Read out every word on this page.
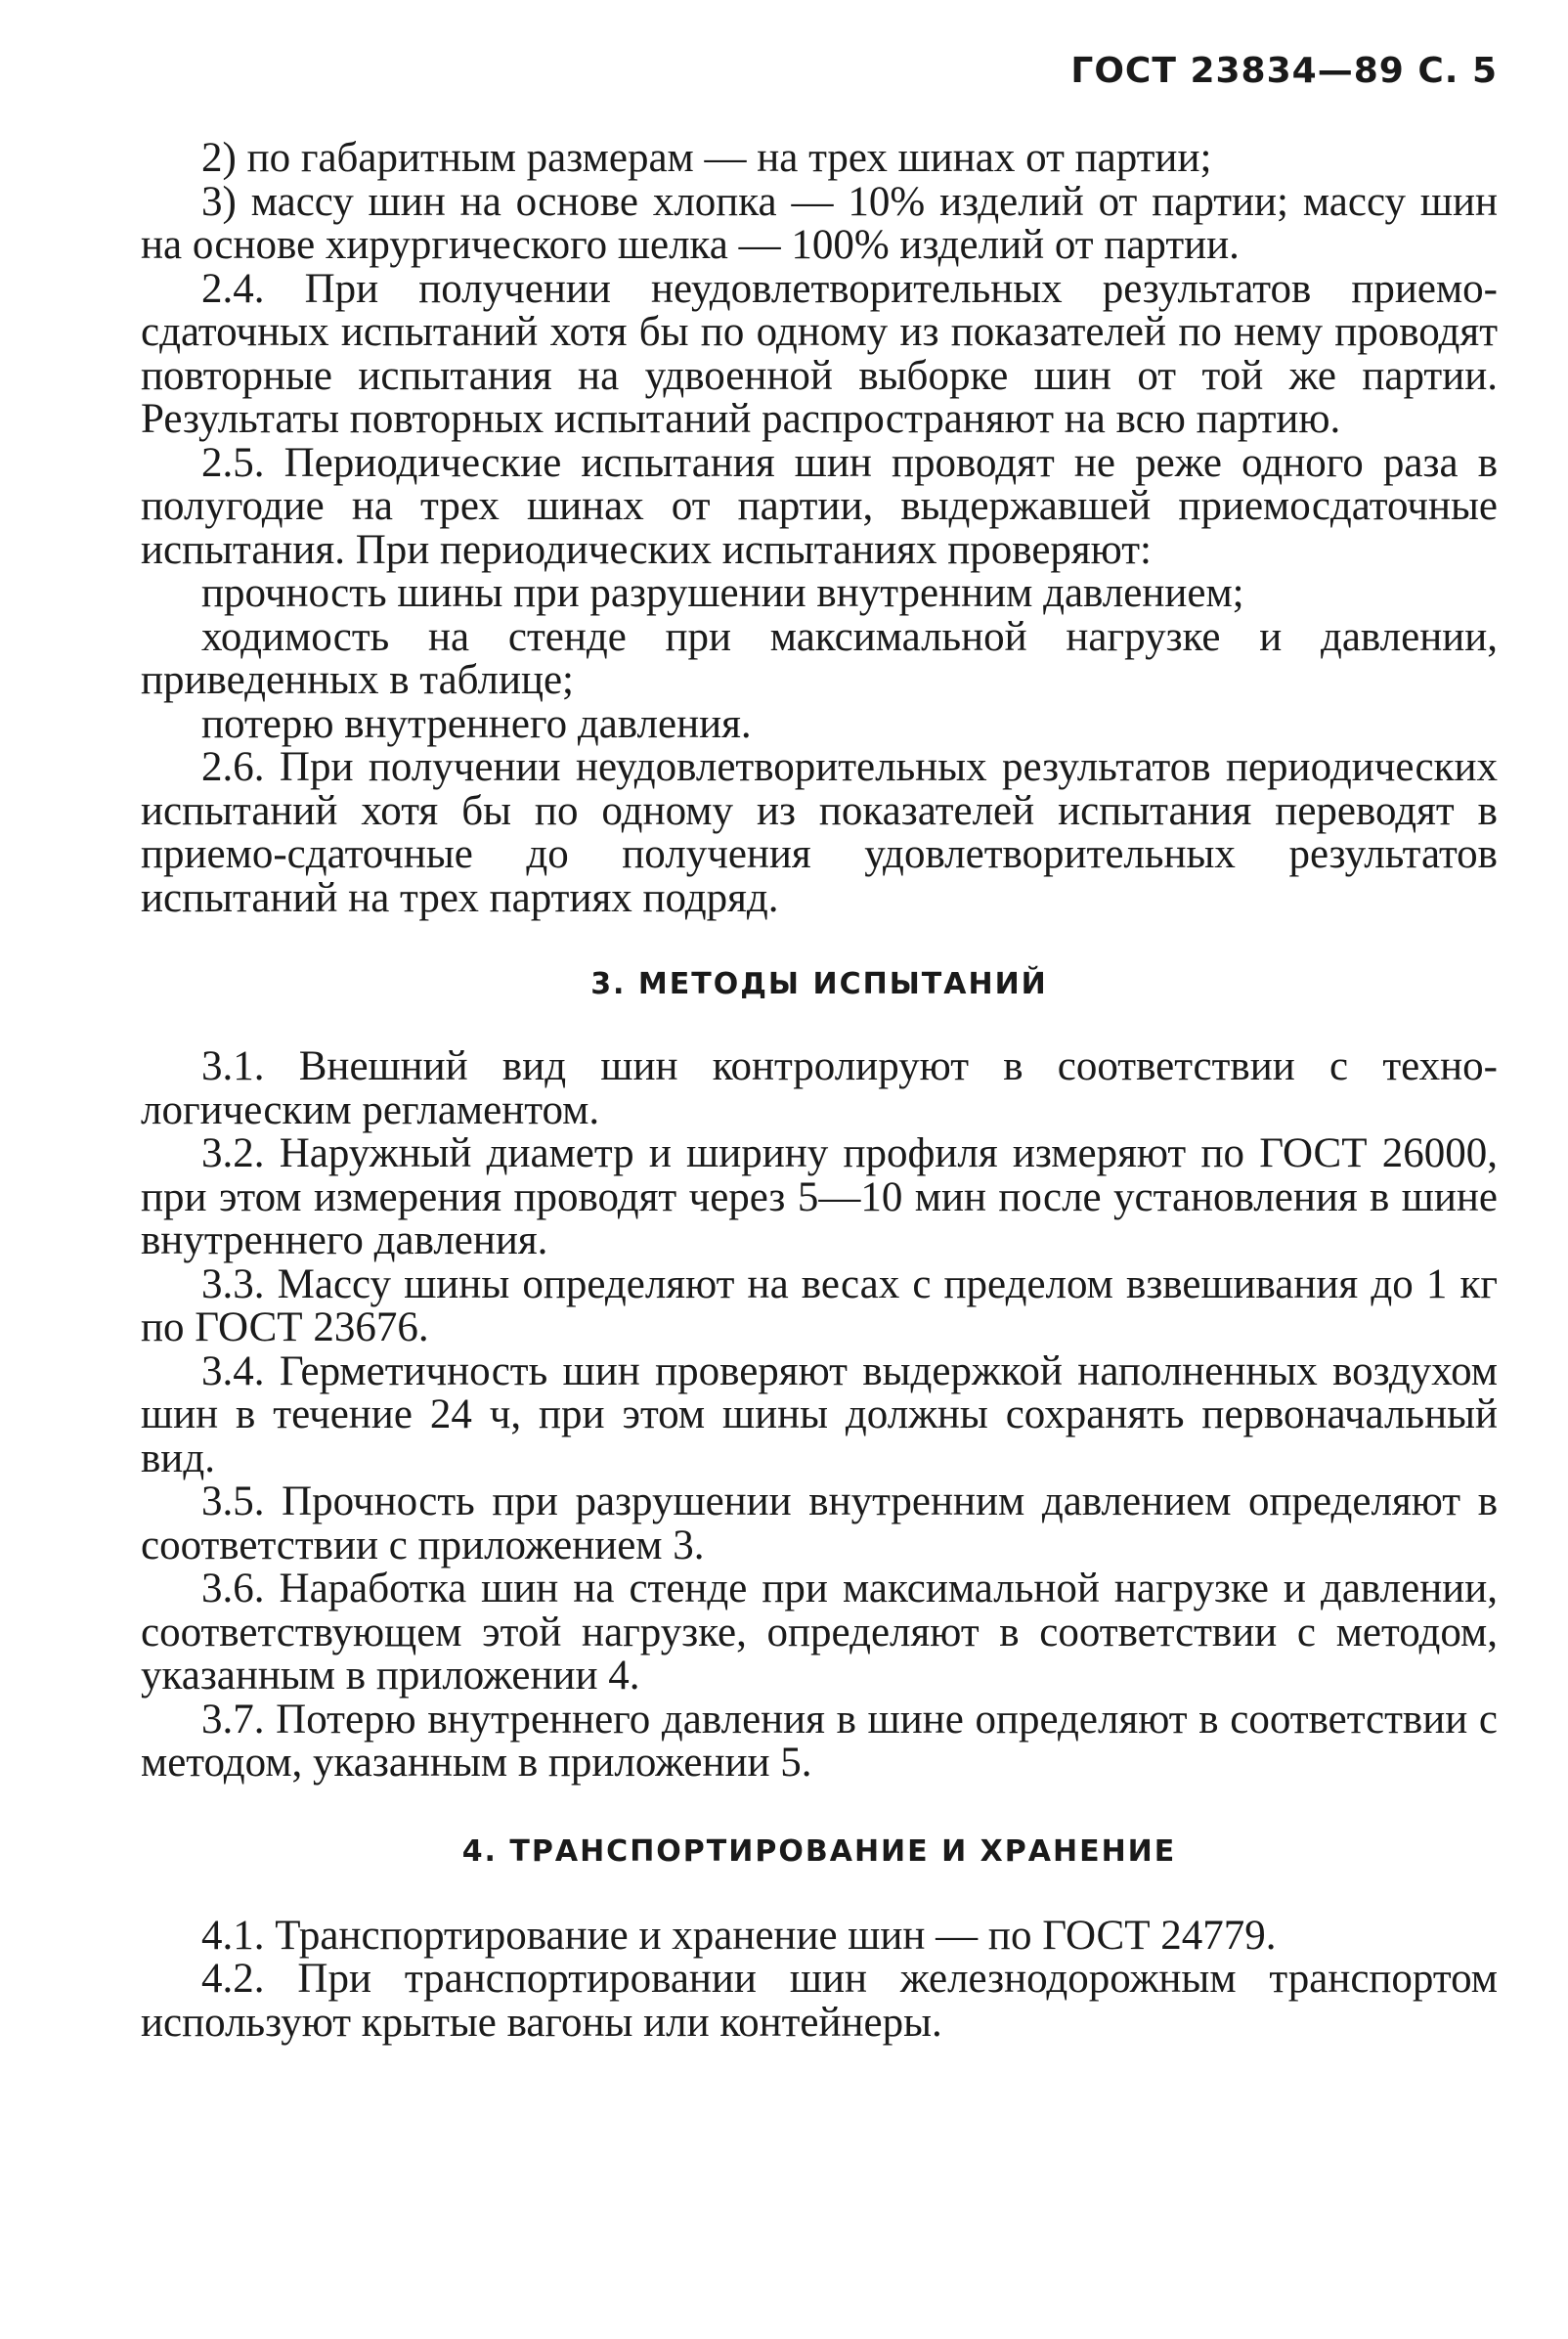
ГОСТ 23834—89 С. 5

2) по габаритным размерам — на трех шинах от партии;

3) массу шин на основе хлопка — 10% изделий от партии; массу шин на основе хирургического шелка — 100% изделий от партии.

2.4. При получении неудовлетворительных результатов приемосдаточных испытаний хотя бы по одному из показателей по нему проводят повторные испытания на удвоенной выборке шин от той же партии. Результаты повторных испытаний распространяют на всю партию.

2.5. Периодические испытания шин проводят не реже одного раза в полугодие на трех шинах от партии, выдержавшей приемосдаточные испытания. При периодических испытаниях проверяют:

прочность шины при разрушении внутренним давлением;

ходимость на стенде при максимальной нагрузке и давлении, приведенных в таблице;

потерю внутреннего давления.

2.6. При получении неудовлетворительных результатов периодических испытаний хотя бы по одному из показателей испытания переводят в приемо-сдаточные до получения удовлетворительных результатов испытаний на трех партиях подряд.

3. МЕТОДЫ ИСПЫТАНИЙ

3.1. Внешний вид шин контролируют в соответствии с технологическим регламентом.

3.2. Наружный диаметр и ширину профиля измеряют по ГОСТ 26000, при этом измерения проводят через 5—10 мин после установления в шине внутреннего давления.

3.3. Массу шины определяют на весах с пределом взвешивания до 1 кг по ГОСТ 23676.

3.4. Герметичность шин проверяют выдержкой наполненных воздухом шин в течение 24 ч, при этом шины должны сохранять первоначальный вид.

3.5. Прочность при разрушении внутренним давлением определяют в соответствии с приложением 3.

3.6. Наработка шин на стенде при максимальной нагрузке и давлении, соответствующем этой нагрузке, определяют в соответствии с методом, указанным в приложении 4.

3.7. Потерю внутреннего давления в шине определяют в соответствии с методом, указанным в приложении 5.

4. ТРАНСПОРТИРОВАНИЕ И ХРАНЕНИЕ

4.1. Транспортирование и хранение шин — по ГОСТ 24779.

4.2. При транспортировании шин железнодорожным транспортом используют крытые вагоны или контейнеры.
